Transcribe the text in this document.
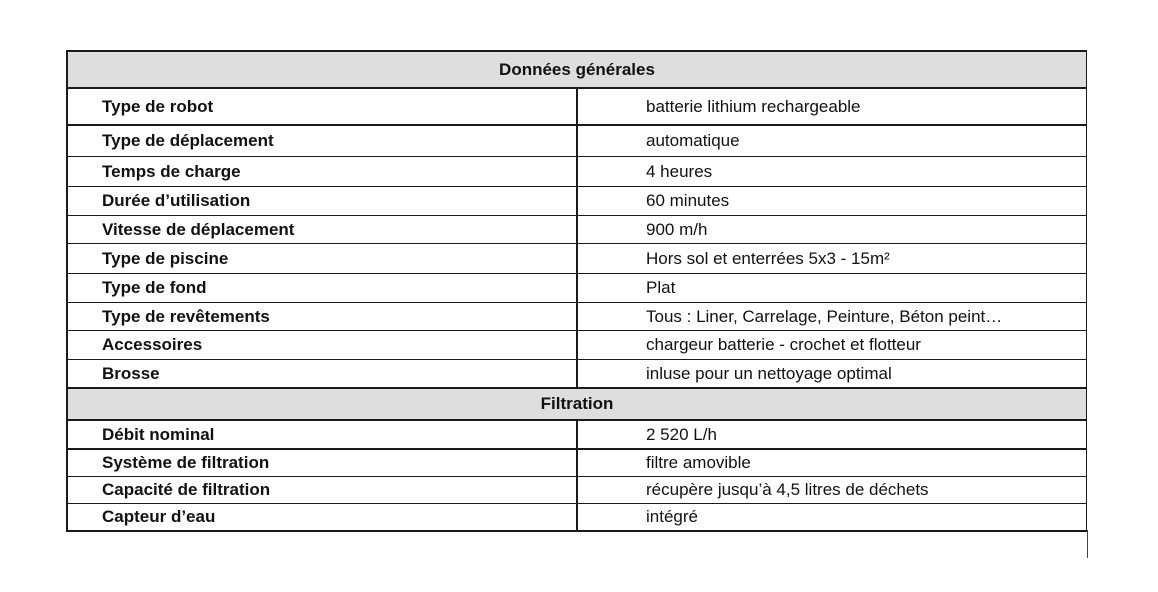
Données générales
Type de robot	batterie lithium rechargeable
Type de déplacement	automatique
Temps de charge	4 heures
Durée d’utilisation	60 minutes
Vitesse de déplacement	900 m/h
Type de piscine	Hors sol et enterrées 5x3 - 15m²
Type de fond	Plat
Type de revêtements	Tous : Liner, Carrelage, Peinture, Béton peint…
Accessoires	chargeur batterie - crochet et flotteur
Brosse	inluse pour un nettoyage optimal
Filtration
Débit nominal	2 520 L/h
Système de filtration	filtre amovible
Capacité de filtration	récupère jusqu’à 4,5 litres de déchets
Capteur d’eau	intégré
